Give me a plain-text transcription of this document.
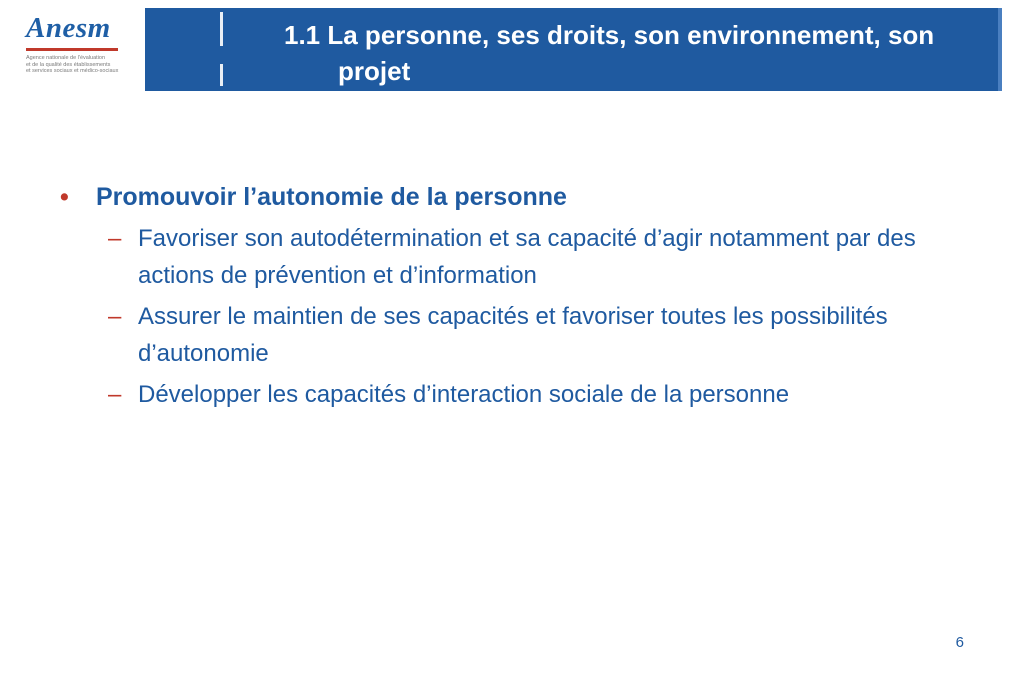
Anesm
Agence nationale de l'évaluation
et de la qualité des établissements
et services sociaux et médico-sociaux
1.1 La personne, ses droits, son environnement, son
projet
• Promouvoir l’autonomie de la personne
– Favoriser son autodétermination et sa capacité d’agir notamment par des actions de prévention et d’information
– Assurer le maintien de ses capacités et favoriser toutes les possibilités d’autonomie
– Développer les capacités d’interaction sociale de la personne
6
